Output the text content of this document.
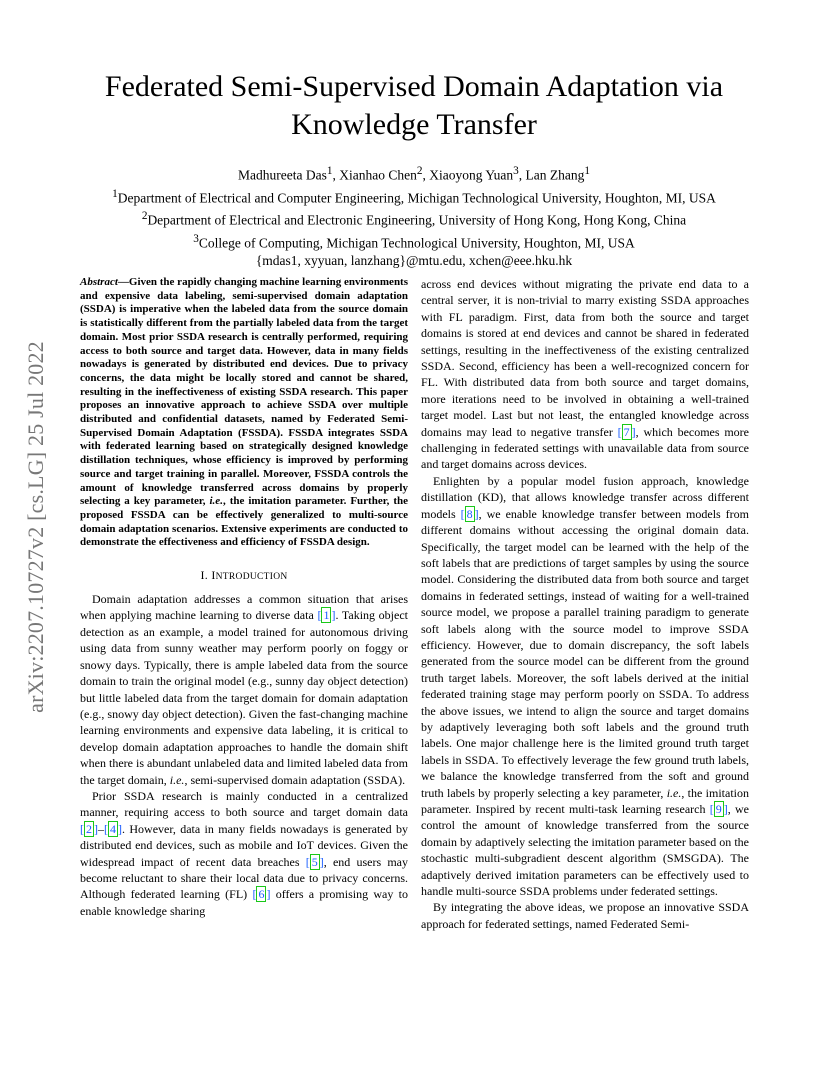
arXiv:2207.10727v2 [cs.LG] 25 Jul 2022
Federated Semi-Supervised Domain Adaptation via
Knowledge Transfer
Madhureeta Das$^1$, Xianhao Chen$^2$, Xiaoyong Yuan$^3$, Lan Zhang$^1$
$^1$Department of Electrical and Computer Engineering, Michigan Technological University, Houghton, MI, USA
$^2$Department of Electrical and Electronic Engineering, University of Hong Kong, Hong Kong, China
$^3$College of Computing, Michigan Technological University, Houghton, MI, USA
{mdas1, xyyuan, lanzhang}@mtu.edu, xchen@eee.hku.hk

Abstract—Given the rapidly changing machine learning environments and expensive data labeling, semi-supervised domain adaptation (SSDA) is imperative when the labeled data from the source domain is statistically different from the partially labeled data from the target domain. Most prior SSDA research is centrally performed, requiring access to both source and target data. However, data in many fields nowadays is generated by distributed end devices. Due to privacy concerns, the data might be locally stored and cannot be shared, resulting in the ineffectiveness of existing SSDA research. This paper proposes an innovative approach to achieve SSDA over multiple distributed and confidential datasets, named by Federated Semi-Supervised Domain Adaptation (FSSDA). FSSDA integrates SSDA with federated learning based on strategically designed knowledge distillation techniques, whose efficiency is improved by performing source and target training in parallel. Moreover, FSSDA controls the amount of knowledge transferred across domains by properly selecting a key parameter, i.e., the imitation parameter. Further, the proposed FSSDA can be effectively generalized to multi-source domain adaptation scenarios. Extensive experiments are conducted to demonstrate the effectiveness and efficiency of FSSDA design.

I. INTRODUCTION

Domain adaptation addresses a common situation that arises when applying machine learning to diverse data [ 1 ]. Taking object detection as an example, a model trained for autonomous driving using data from sunny weather may perform poorly on foggy or snowy days. Typically, there is ample labeled data from the source domain to train the original model (e.g., sunny day object detection) but little labeled data from the target domain for domain adaptation (e.g., snowy day object detection). Given the fast-changing machine learning environments and expensive data labeling, it is critical to develop domain adaptation approaches to handle the domain shift when there is abundant unlabeled data and limited labeled data from the target domain, i.e., semi-supervised domain adaptation (SSDA).

Prior SSDA research is mainly conducted in a centralized manner, requiring access to both source and target domain data [ 2 ]–[ 4 ]. However, data in many fields nowadays is generated by distributed end devices, such as mobile and IoT devices. Given the widespread impact of recent data breaches [ 5 ], end users may become reluctant to share their local data due to privacy concerns. Although federated learning (FL) [ 6 ] offers a promising way to enable knowledge sharing

across end devices without migrating the private end data to a central server, it is non-trivial to marry existing SSDA approaches with FL paradigm. First, data from both the source and target domains is stored at end devices and cannot be shared in federated settings, resulting in the ineffectiveness of the existing centralized SSDA. Second, efficiency has been a well-recognized concern for FL. With distributed data from both source and target domains, more iterations need to be involved in obtaining a well-trained target model. Last but not least, the entangled knowledge across domains may lead to negative transfer [ 7 ], which becomes more challenging in federated settings with unavailable data from source and target domains across devices.

Enlighten by a popular model fusion approach, knowledge distillation (KD), that allows knowledge transfer across different models [ 8 ], we enable knowledge transfer between models from different domains without accessing the original domain data. Specifically, the target model can be learned with the help of the soft labels that are predictions of target samples by using the source model. Considering the distributed data from both source and target domains in federated settings, instead of waiting for a well-trained source model, we propose a parallel training paradigm to generate soft labels along with the source model to improve SSDA efficiency. However, due to domain discrepancy, the soft labels generated from the source model can be different from the ground truth target labels. Moreover, the soft labels derived at the initial federated training stage may perform poorly on SSDA. To address the above issues, we intend to align the source and target domains by adaptively leveraging both soft labels and the ground truth labels. One major challenge here is the limited ground truth target labels in SSDA. To effectively leverage the few ground truth labels, we balance the knowledge transferred from the soft and ground truth labels by properly selecting a key parameter, i.e., the imitation parameter. Inspired by recent multi-task learning research [ 9 ], we control the amount of knowledge transferred from the source domain by adaptively selecting the imitation parameter based on the stochastic multi-subgradient descent algorithm (SMSGDA). The adaptively derived imitation parameters can be effectively used to handle multi-source SSDA problems under federated settings.

By integrating the above ideas, we propose an innovative SSDA approach for federated settings, named Federated Semi-
